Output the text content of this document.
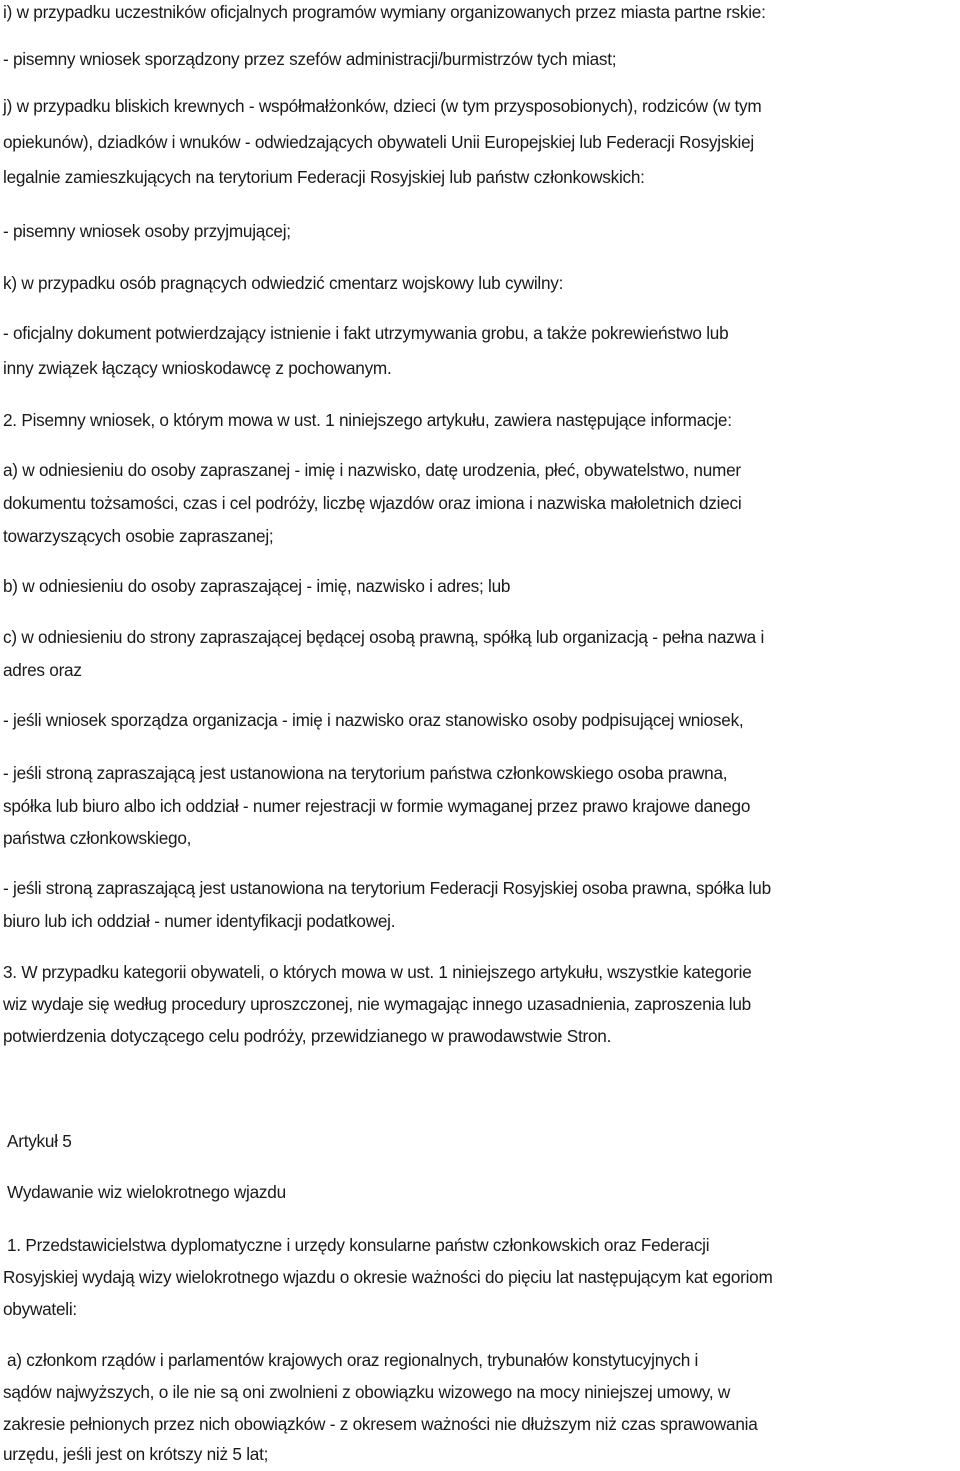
i) w przypadku uczestników oficjalnych programów wymiany organizowanych przez miasta partne rskie:

- pisemny wniosek sporządzony przez szefów administracji/burmistrzów tych miast;

j) w przypadku bliskich krewnych - współmałżonków, dzieci (w tym przysposobionych), rodziców (w tym

opiekunów), dziadków i wnuków - odwiedzających obywateli Unii Europejskiej lub Federacji Rosyjskiej

legalnie zamieszkujących na terytorium Federacji Rosyjskiej lub państw członkowskich:

- pisemny wniosek osoby przyjmującej;

k) w przypadku osób pragnących odwiedzić cmentarz wojskowy lub cywilny:

- oficjalny dokument potwierdzający istnienie i fakt utrzymywania grobu, a także pokrewieństwo lub

inny związek łączący wnioskodawcę z pochowanym.

2. Pisemny wniosek, o którym mowa w ust. 1 niniejszego artykułu, zawiera następujące informacje:

a) w odniesieniu do osoby zapraszanej - imię i nazwisko, datę urodzenia, płeć, obywatelstwo, numer

dokumentu tożsamości, czas i cel podróży, liczbę wjazdów oraz imiona i nazwiska małoletnich dzieci

towarzyszących osobie zapraszanej;

b) w odniesieniu do osoby zapraszającej - imię, nazwisko i adres; lub

c) w odniesieniu do strony zapraszającej będącej osobą prawną, spółką lub organizacją - pełna nazwa i

adres oraz

- jeśli wniosek sporządza organizacja - imię i nazwisko oraz stanowisko osoby podpisującej wniosek,

- jeśli stroną zapraszającą jest ustanowiona na terytorium państwa członkowskiego osoba prawna,

spółka lub biuro albo ich oddział - numer rejestracji w formie wymaganej przez prawo krajowe danego

państwa członkowskiego,

- jeśli stroną zapraszającą jest ustanowiona na terytorium Federacji Rosyjskiej osoba prawna, spółka lub

biuro lub ich oddział - numer identyfikacji podatkowej.

3. W przypadku kategorii obywateli, o których mowa w ust. 1 niniejszego artykułu, wszystkie kategorie

wiz wydaje się według procedury uproszczonej, nie wymagając innego uzasadnienia, zaproszenia lub

potwierdzenia dotyczącego celu podróży, przewidzianego w prawodawstwie Stron.

Artykuł 5

Wydawanie wiz wielokrotnego wjazdu

1. Przedstawicielstwa dyplomatyczne i urzędy konsularne państw członkowskich oraz Federacji

Rosyjskiej wydają wizy wielokrotnego wjazdu o okresie ważności do pięciu lat następującym kat egoriom

obywateli:

a) członkom rządów i parlamentów krajowych oraz regionalnych, trybunałów konstytucyjnych i

sądów najwyższych, o ile nie są oni zwolnieni z obowiązku wizowego na mocy niniejszej umowy, w

zakresie pełnionych przez nich obowiązków - z okresem ważności nie dłuższym niż czas sprawowania

urzędu, jeśli jest on krótszy niż 5 lat;
